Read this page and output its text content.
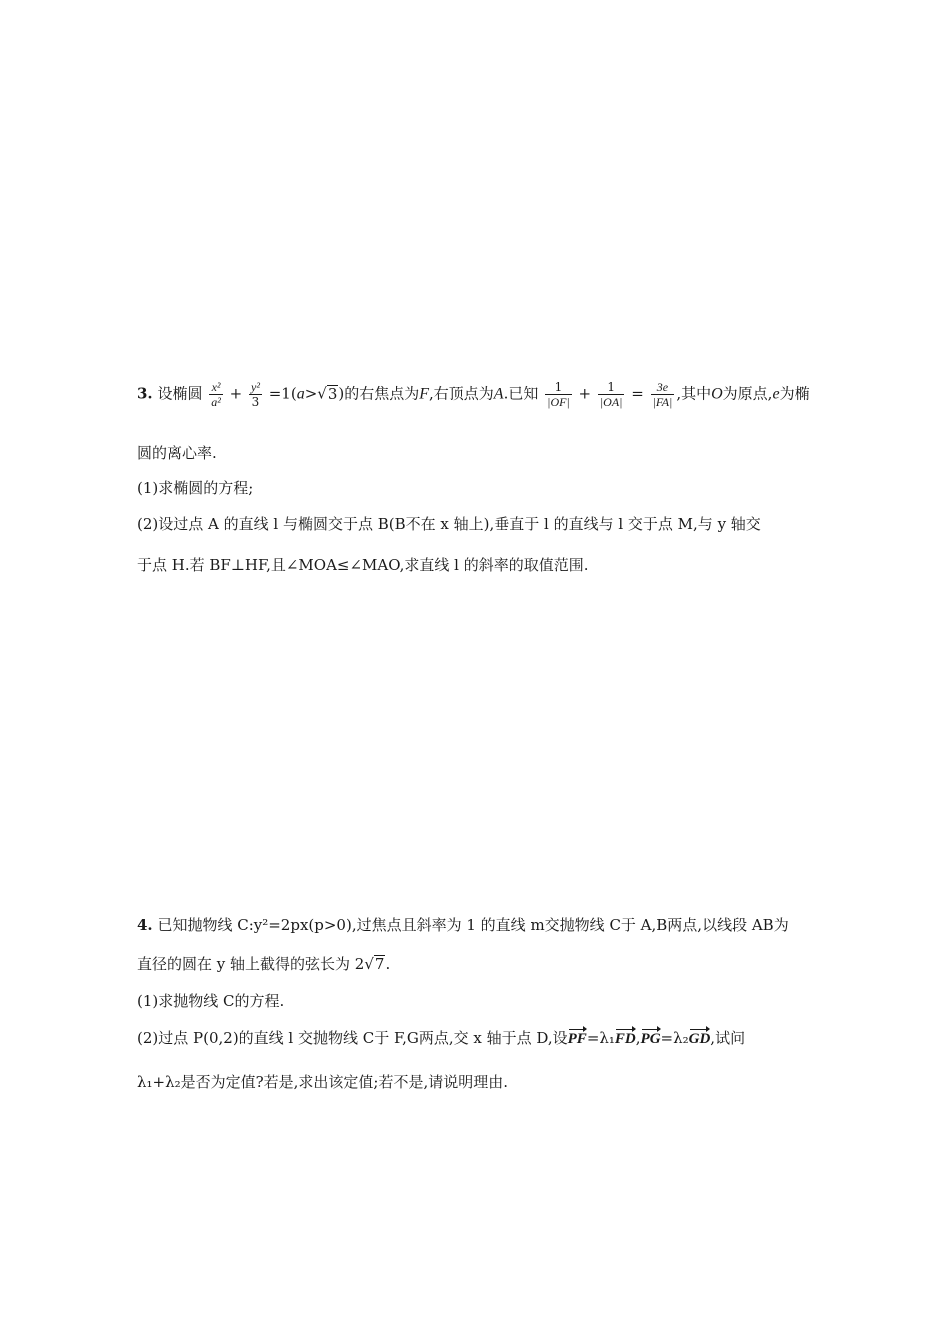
3. 设椭圆 $\frac{\text{x²}}{\text{a²}} + \frac{\text{y²}}{3} =1(a>√3)$的右焦点为F,右顶点为A.已知 $\frac{1}{|OF|} + \frac{1}{|OA|} = \frac{3e}{|FA|}$ ,其中O为原点,e为椭
圆的离心率.
(1)求椭圆的方程;
(2)设过点 A 的直线 l 与椭圆交于点 B(B不在 x 轴上),垂直于 l 的直线与 l 交于点 M,与 y 轴交
于点 H.若 BF⊥HF,且∠MOA≤∠MAO,求直线 l 的斜率的取值范围.
4. 已知抛物线 C:y²=2px(p>0),过焦点且斜率为 1 的直线 m交抛物线 C于 A,B两点,以线段 AB为
直径的圆在 y 轴上截得的弦长为 2√7.
(1)求抛物线 C的方程.
(2)过点 P(0,2)的直线 l 交抛物线 C于 F,G两点,交 x 轴于点 D,设PF=λ₁FD,PG=λ₂GD,试问
λ₁+λ₂是否为定值?若是,求出该定值;若不是,请说明理由.
